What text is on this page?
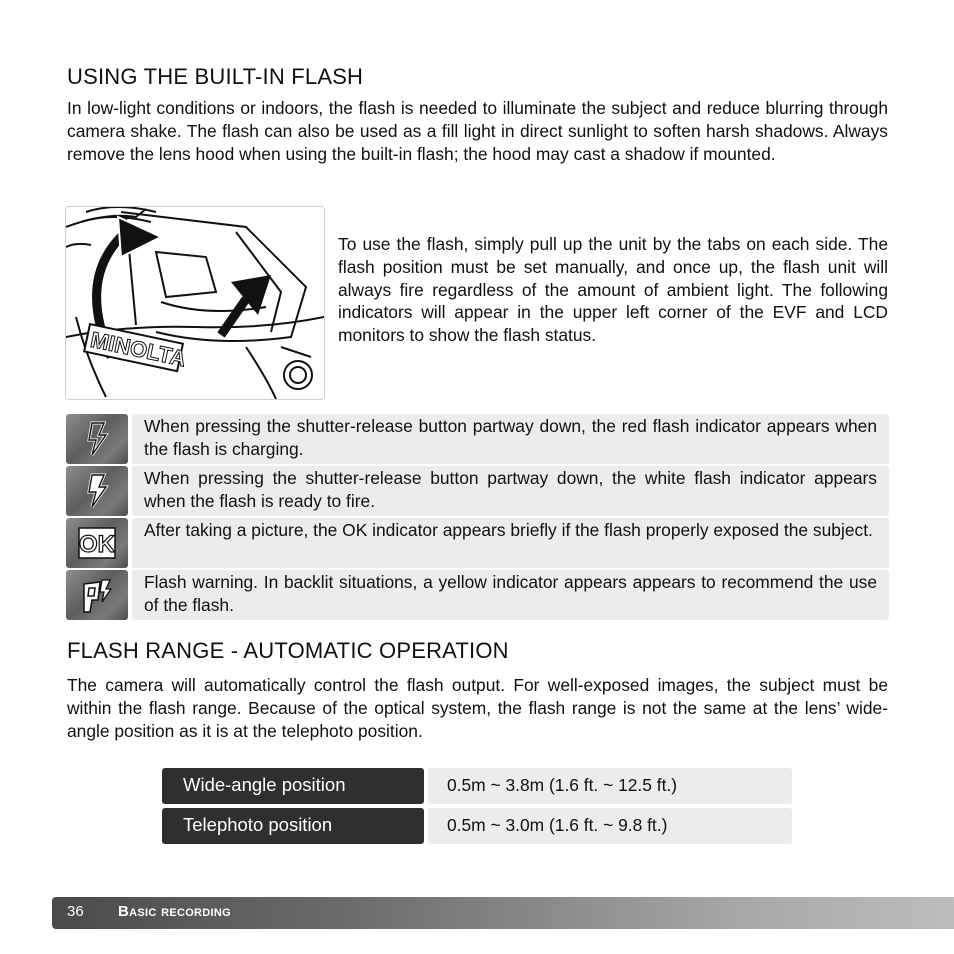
USING THE BUILT-IN FLASH

In low-light conditions or indoors, the flash is needed to illuminate the subject and reduce blurring through camera shake. The flash can also be used as a fill light in direct sunlight to soften harsh shadows. Always remove the lens hood when using the built-in flash; the hood may cast a shadow if mounted.

MINOLTA

To use the flash, simply pull up the unit by the tabs on each side. The flash position must be set manually, and once up, the flash unit will always fire regardless of the amount of ambient light. The following indicators will appear in the upper left corner of the EVF and LCD monitors to show the flash status.

When pressing the shutter-release button partway down, the red flash indicator appears when the flash is charging.

When pressing the shutter-release button partway down, the white flash indicator appears when the flash is ready to fire.

OK

After taking a picture, the OK indicator appears briefly if the flash properly exposed the subject.

Flash warning. In backlit situations, a yellow indicator appears appears to recommend the use of the flash.

FLASH RANGE - AUTOMATIC OPERATION

The camera will automatically control the flash output. For well-exposed images, the subject must be within the flash range. Because of the optical system, the flash range is not the same at the lens’ wide-angle position as it is at the telephoto position.

Wide-angle position	0.5m ~ 3.8m (1.6 ft. ~ 12.5 ft.)
Telephoto position	0.5m ~ 3.0m (1.6 ft. ~ 9.8 ft.)
36 Basic recording
